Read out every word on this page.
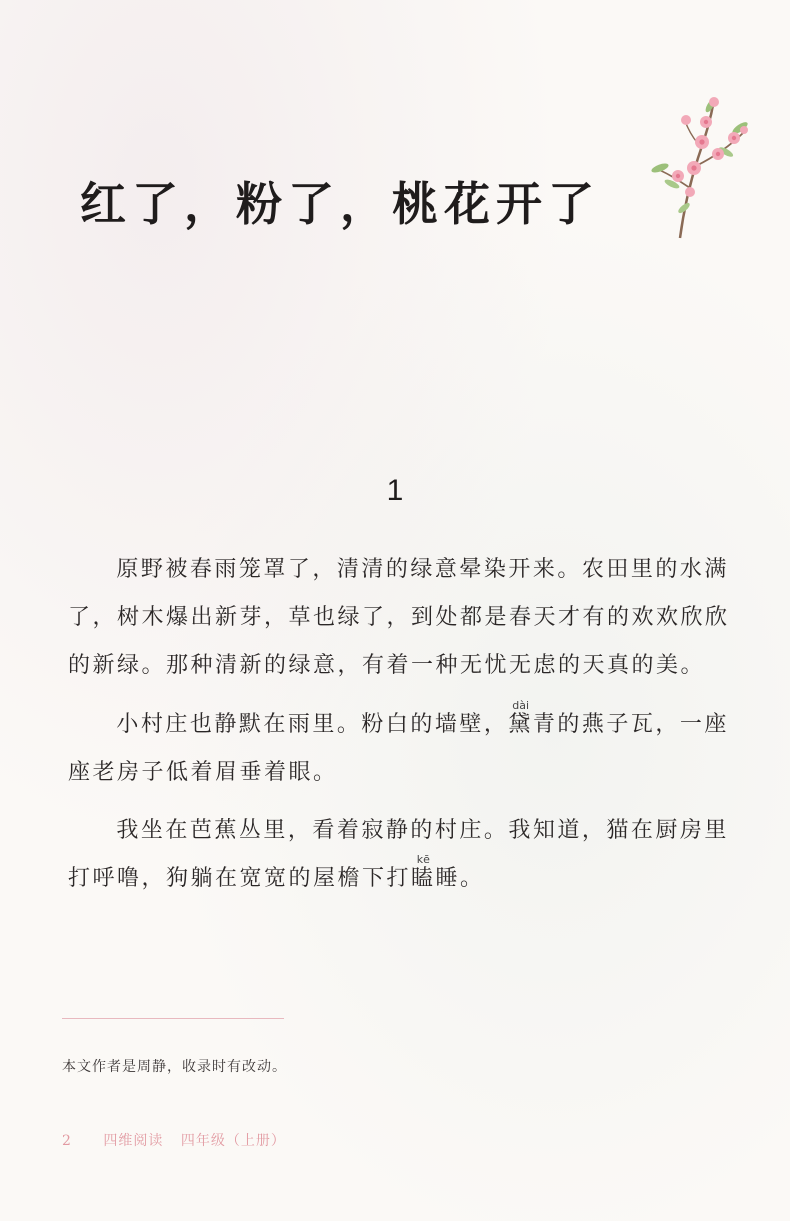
红了，粉了，桃花开了
1

原野被春雨笼罩了，清清的绿意晕染开来。农田里的水满了，树木爆出新芽，草也绿了，到处都是春天才有的欢欢欣欣的新绿。那种清新的绿意，有着一种无忧无虑的天真的美。

小村庄也静默在雨里。粉白的墙壁，黛dài青的燕子瓦，一座座老房子低着眉垂着眼。

我坐在芭蕉丛里，看着寂静的村庄。我知道，猫在厨房里打呼噜，狗躺在宽宽的屋檐下打瞌kē睡。

本文作者是周静，收录时有改动。
2 四维阅读 四年级（上册）
